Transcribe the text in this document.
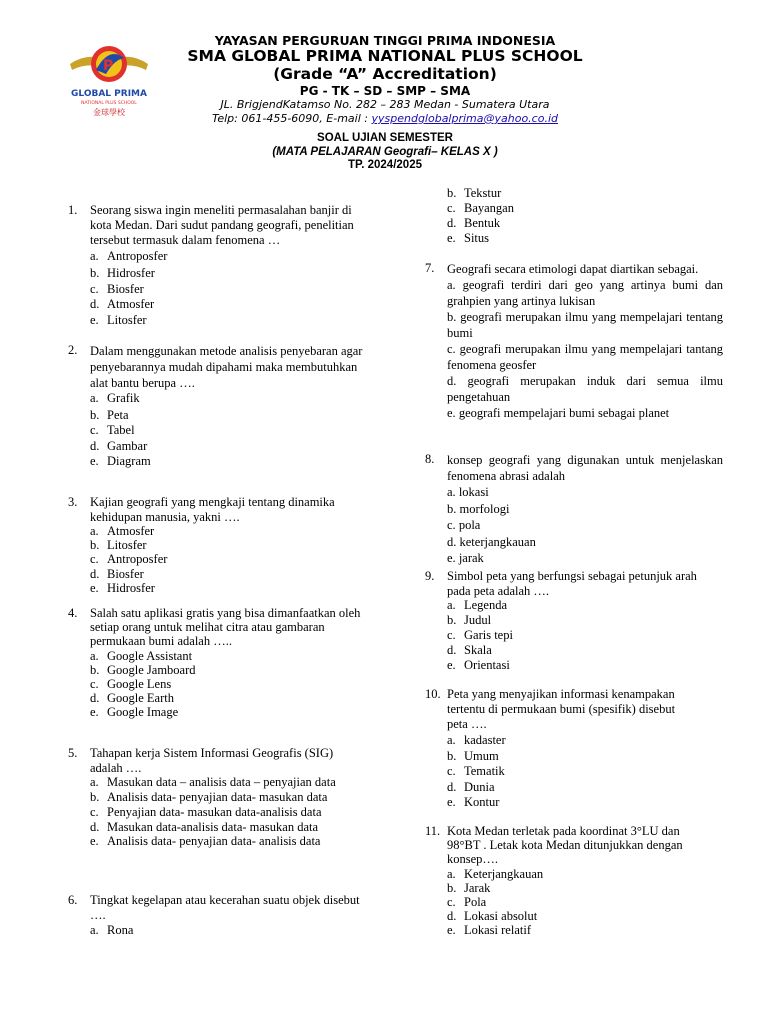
P
GLOBAL PRIMA
NATIONAL PLUS SCHOOL
金球學校
YAYASAN PERGURUAN TINGGI PRIMA INDONESIA
SMA GLOBAL PRIMA NATIONAL PLUS SCHOOL
(Grade “A” Accreditation)
PG - TK – SD – SMP – SMA
JL. BrigjendKatamso No. 282 – 283 Medan - Sumatera Utara
Telp: 061-455-6090, E-mail : yyspendglobalprima@yahoo.co.id
SOAL UJIAN SEMESTER
(MATA PELAJARAN Geografi– KELAS X )
TP. 2024/2025
1. Seorang siswa ingin meneliti permasalahan banjir di kota Medan. Dari sudut pandang geografi, penelitian tersebut termasuk dalam fenomena …
a. Antroposfer
b. Hidrosfer
c. Biosfer
d. Atmosfer
e. Litosfer
2. Dalam menggunakan metode analisis penyebaran agar penyebarannya mudah dipahami maka membutuhkan alat bantu berupa ….
a. Grafik
b. Peta
c. Tabel
d. Gambar
e. Diagram
3. Kajian geografi yang mengkaji tentang dinamika kehidupan manusia, yakni ….
a. Atmosfer
b. Litosfer
c. Antroposfer
d. Biosfer
e. Hidrosfer
4. Salah satu aplikasi gratis yang bisa dimanfaatkan oleh setiap orang untuk melihat citra atau gambaran permukaan bumi adalah …..
a. Google Assistant
b. Google Jamboard
c. Google Lens
d. Google Earth
e. Google Image
5. Tahapan kerja Sistem Informasi Geografis (SIG) adalah ….
a. Masukan data – analisis data – penyajian data
b. Analisis data- penyajian data- masukan data
c. Penyajian data- masukan data-analisis data
d. Masukan data-analisis data- masukan data
e. Analisis data- penyajian data- analisis data
6. Tingkat kegelapan atau kecerahan suatu objek disebut ….
a. Rona
b. Tekstur
c. Bayangan
d. Bentuk
e. Situs
7. Geografi secara etimologi dapat diartikan sebagai.
a. geografi terdiri dari geo yang artinya bumi dan grahpien yang artinya lukisan
b. geografi merupakan ilmu yang mempelajari tentang bumi
c. geografi merupakan ilmu yang mempelajari tantang fenomena geosfer
d. geografi merupakan induk dari semua ilmu pengetahuan
e. geografi mempelajari bumi sebagai planet
8. konsep geografi yang digunakan untuk menjelaskan fenomena abrasi adalah
a. lokasi
b. morfologi
c. pola
d. keterjangkauan
e. jarak
9. Simbol peta yang berfungsi sebagai petunjuk arah pada peta adalah ….
a. Legenda
b. Judul
c. Garis tepi
d. Skala
e. Orientasi
10. Peta yang menyajikan informasi kenampakan tertentu di permukaan bumi (spesifik) disebut peta ….
a. kadaster
b. Umum
c. Tematik
d. Dunia
e. Kontur
11. Kota Medan terletak pada koordinat 3°LU dan 98°BT . Letak kota Medan ditunjukkan dengan konsep….
a. Keterjangkauan
b. Jarak
c. Pola
d. Lokasi absolut
e. Lokasi relatif
